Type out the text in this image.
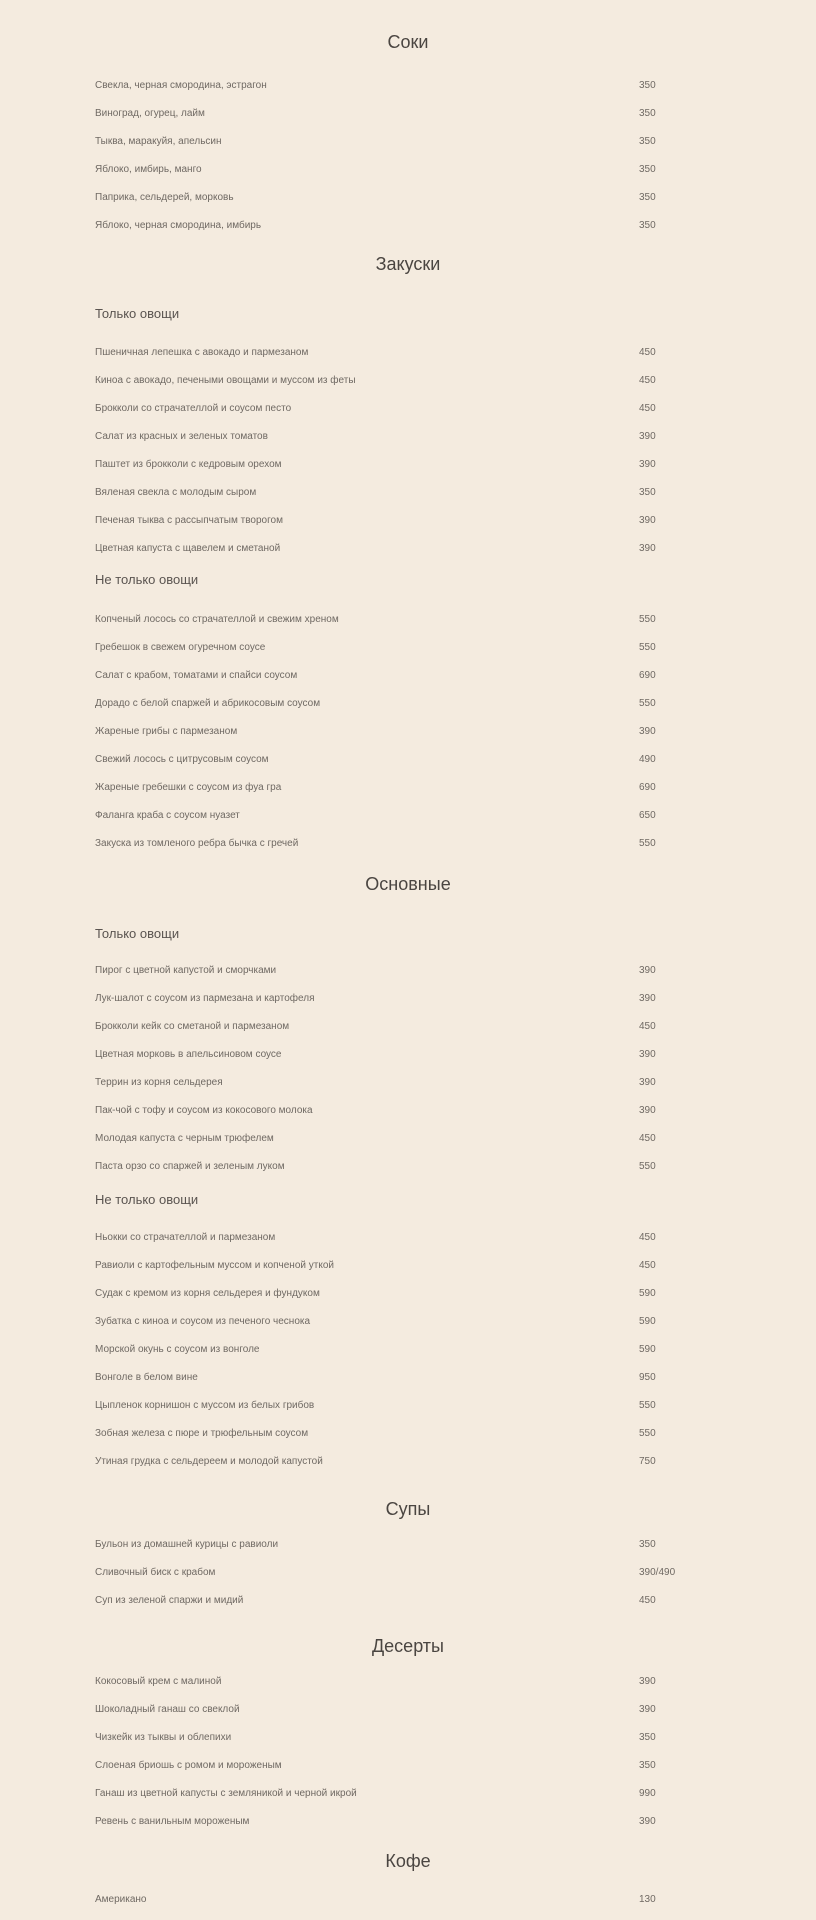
Соки
Свекла, черная смородина, эстрагон	350
Виноград, огурец, лайм	350
Тыква, маракуйя, апельсин	350
Яблоко, имбирь, манго	350
Паприка, сельдерей, морковь	350
Яблоко, черная смородина, имбирь	350
Закуски
Только овощи
Пшеничная лепешка с авокадо и пармезаном	450
Киноа с авокадо, печеными овощами и муссом из феты	450
Брокколи со страчателлой и соусом песто	450
Салат из красных и зеленых томатов	390
Паштет из брокколи с кедровым орехом	390
Вяленая свекла с молодым сыром	350
Печеная тыква с рассыпчатым творогом	390
Цветная капуста с щавелем и сметаной	390
Не только овощи
Копченый лосось со страчателлой и свежим хреном	550
Гребешок в свежем огуречном соусе	550
Салат с крабом, томатами и спайси соусом	690
Дорадо с белой спаржей и абрикосовым соусом	550
Жареные грибы с пармезаном	390
Свежий лосось с цитрусовым соусом	490
Жареные гребешки с соусом из фуа гра	690
Фаланга краба с соусом нуазет	650
Закуска из томленого ребра бычка с гречей	550
Основные
Только овощи
Пирог с цветной капустой и сморчками	390
Лук-шалот с соусом из пармезана и картофеля	390
Брокколи кейк со сметаной и пармезаном	450
Цветная морковь в апельсиновом соусе	390
Террин из корня сельдерея	390
Пак-чой с тофу и соусом из кокосового молока	390
Молодая капуста с черным трюфелем	450
Паста орзо со спаржей и зеленым луком	550
Не только овощи
Ньокки со страчателлой и пармезаном	450
Равиоли с картофельным муссом и копченой уткой	450
Судак с кремом из корня сельдерея и фундуком	590
Зубатка с киноа и соусом из печеного чеснока	590
Морской окунь с соусом из вонголе	590
Вонголе в белом вине	950
Цыпленок корнишон с муссом из белых грибов	550
Зобная железа с пюре и трюфельным соусом	550
Утиная грудка с сельдереем и молодой капустой	750
Супы
Бульон из домашней курицы с равиоли	350
Сливочный биск с крабом	390/490
Суп из зеленой спаржи и мидий	450
Десерты
Кокосовый крем с малиной	390
Шоколадный ганаш со свеклой	390
Чизкейк из тыквы и облепихи	350
Слоеная бриошь с ромом и мороженым	350
Ганаш из цветной капусты с земляникой и черной икрой	990
Ревень с ванильным мороженым	390
Кофе
Американо	130
